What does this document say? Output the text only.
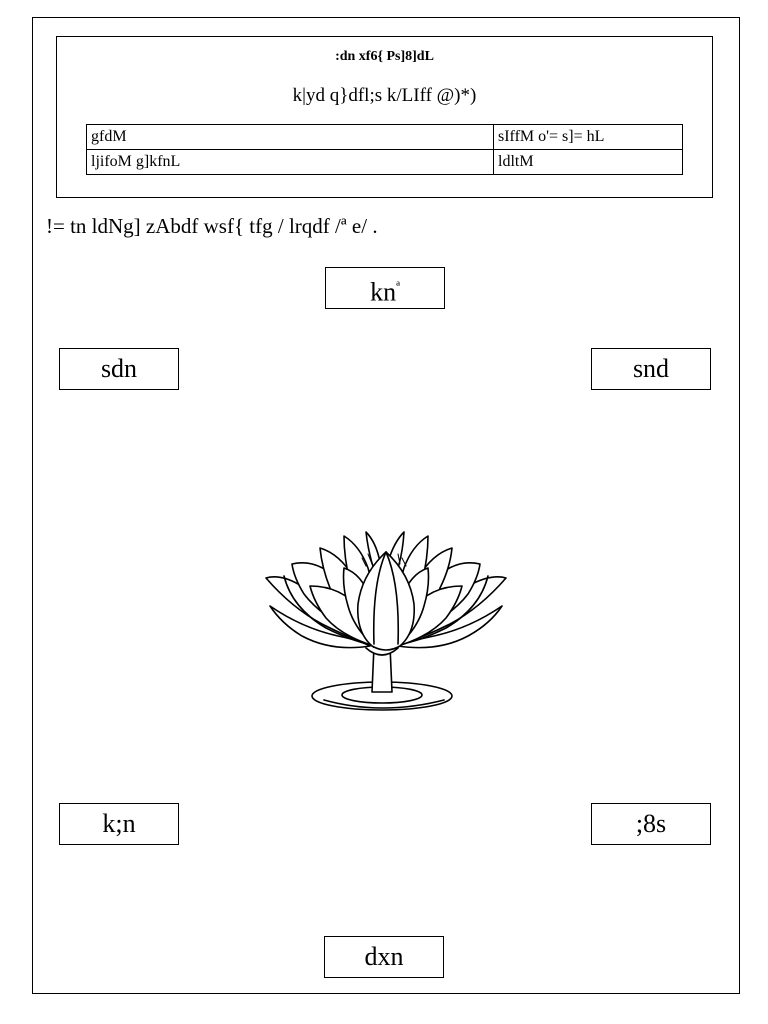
:dn xf6{ Ps]8]dL
k|yd q}dfl;s k/LIff @)*)
gfdM	sIffM o'= s]= hL
ljifoM g]kfnL	ldltM
!= tn ldNg] zAbdf wsf{ tfg / lrqdf /ª e/ .
$kn^ª$
sdn	snd
k;n	;8s
dxn
